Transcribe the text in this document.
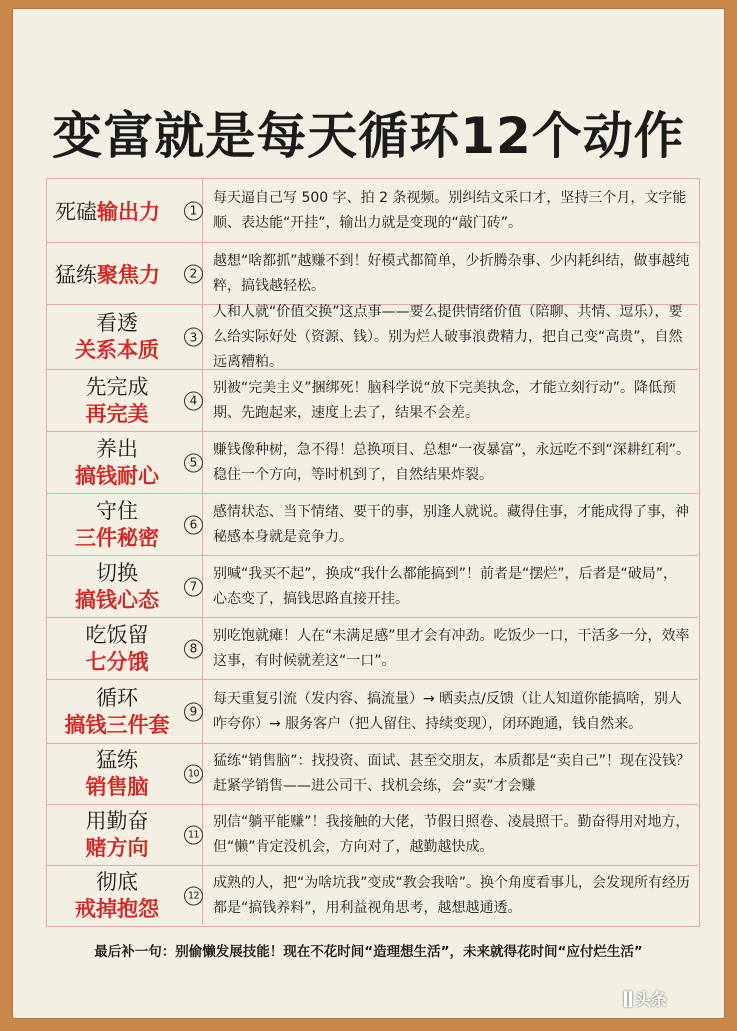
变富就是每天循环12个动作
死磕 输出力	1
每天逼自己写 500 字、拍 2 条视频。别纠结文采口才，坚持三个月，文字能顺、表达能“开挂”，输出力就是变现的“敲门砖”。
猛练 聚焦力	2
越想“啥都抓”越赚不到！好模式都简单，少折腾杂事、少内耗纠结，做事越纯粹，搞钱越轻松。
看透
关系本质
3
人和人就“价值交换”这点事——要么提供情绪价值（陪聊、共情、逗乐），要么给实际好处（资源、钱）。别为烂人破事浪费精力，把自己变“高贵”，自然远离糟粕。
先完成
再完美
4
别被“完美主义”捆绑死！脑科学说“放下完美执念，才能立刻行动”。降低预期、先跑起来，速度上去了，结果不会差。
养出
搞钱耐心
5
赚钱像种树，急不得！总换项目、总想“一夜暴富”，永远吃不到“深耕红利”。稳住一个方向，等时机到了，自然结果炸裂。
守住
三件秘密
6
感情状态、当下情绪、要干的事，别逢人就说。藏得住事，才能成得了事，神秘感本身就是竞争力。
切换
搞钱心态
7
别喊“我买不起”，换成“我什么都能搞到”！前者是“摆烂”，后者是“破局”，心态变了，搞钱思路直接开挂。
吃饭留
七分饿
8
别吃饱就瘫！人在“未满足感”里才会有冲劲。吃饭少一口，干活多一分，效率这事，有时候就差这“一口”。
循环
搞钱三件套
9
每天重复引流（发内容、搞流量）→ 晒卖点/反馈（让人知道你能搞啥，别人咋夸你）→ 服务客户（把人留住、持续变现），闭环跑通，钱自然来。
猛练
销售脑
10
猛练“销售脑”：找投资、面试、甚至交朋友，本质都是“卖自己”！现在没钱？赶紧学销售——进公司干、找机会练，会“卖”才会赚
用勤奋
赌方向
11
别信“躺平能赚”！我接触的大佬，节假日照卷、凌晨照干。勤奋得用对地方，但“懒”肯定没机会，方向对了，越勤越快成。
彻底
戒掉抱怨
12
成熟的人，把“为啥坑我”变成“教会我啥”。换个角度看事儿，会发现所有经历都是“搞钱养料”，用利益视角思考，越想越通透。
最后补一句：别偷懒发展技能！现在不花时间“造理想生活”，未来就得花时间“应付烂生活”
头条
